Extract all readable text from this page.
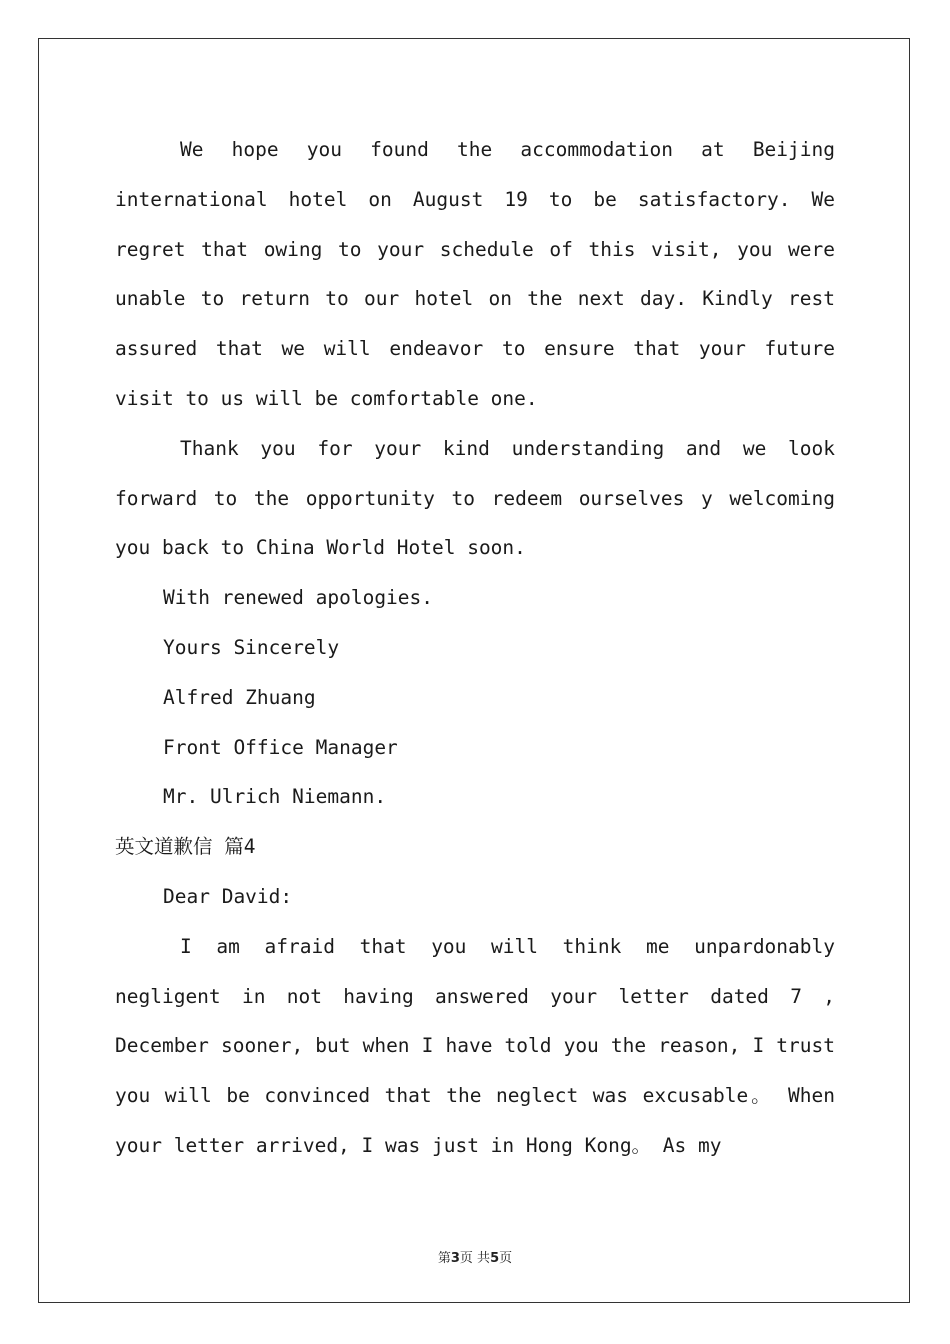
We hope you found the accommodation at Beijing international hotel on August 19 to be satisfactory. We regret that owing to your schedule of this visit, you were unable to return to our hotel on the next day. Kindly rest assured that we will endeavor to ensure that your future visit to us will be comfortable one.

Thank you for your kind understanding and we look forward to the opportunity to redeem ourselves y welcoming you back to China World Hotel soon.

With renewed apologies.

Yours Sincerely

Alfred Zhuang

Front Office Manager

Mr. Ulrich Niemann.

英文道歉信 篇4

Dear David:

I am afraid that you will think me unpardonably negligent in not having answered your letter dated 7 , December sooner, but when I have told you the reason, I trust you will be convinced that the neglect was excusable。 When your letter arrived, I was just in Hong Kong。 As my

第3页 共5页
